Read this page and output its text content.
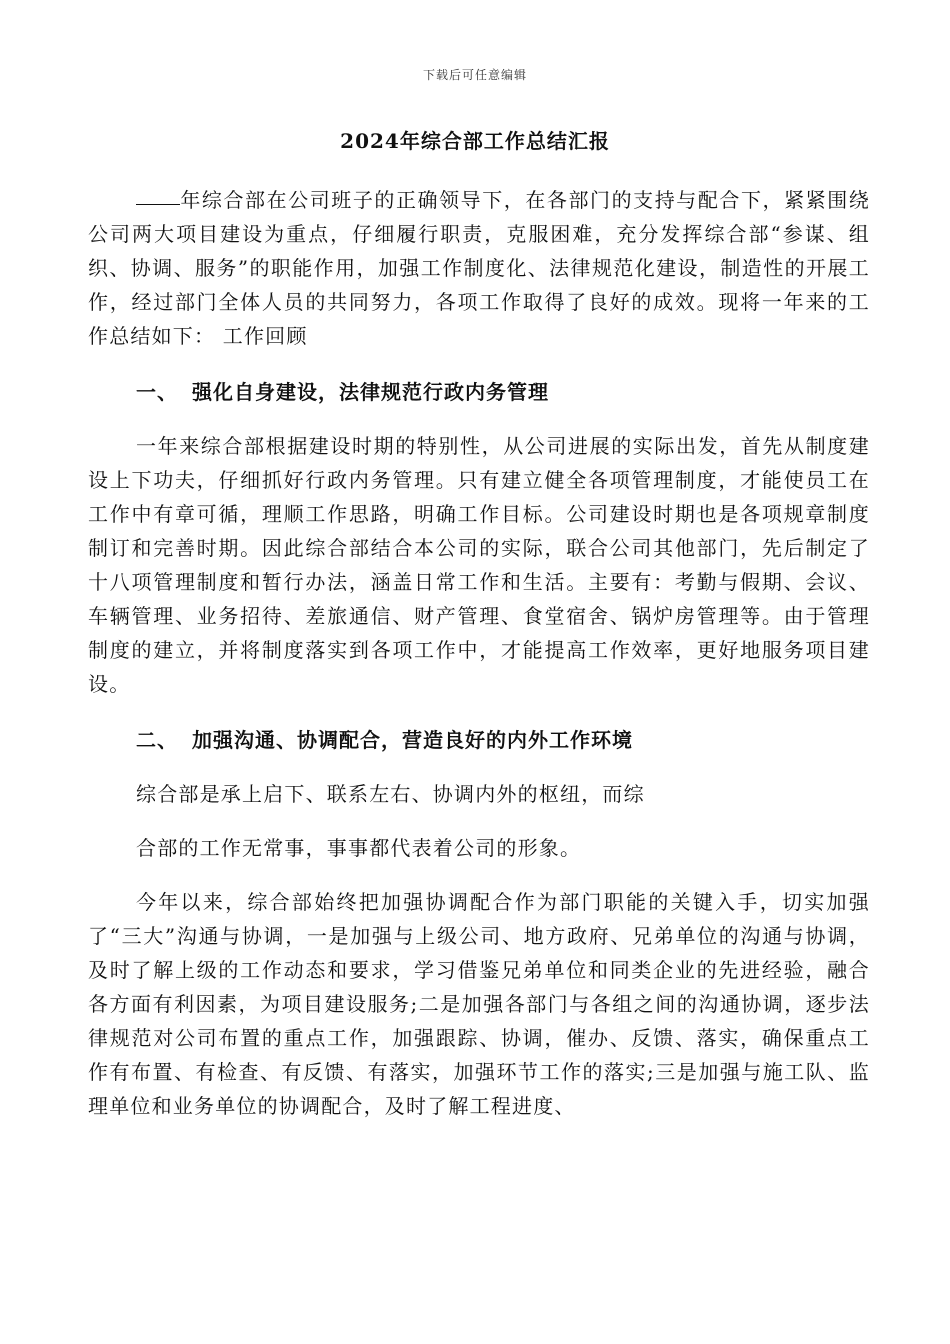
下载后可任意编辑
2024年综合部工作总结汇报

年综合部在公司班子的正确领导下，在各部门的支持与配合下，紧紧围绕公司两大项目建设为重点，仔细履行职责，克服困难，充分发挥综合部“参谋、组织、协调、服务”的职能作用，加强工作制度化、法律规范化建设，制造性的开展工作，经过部门全体人员的共同努力，各项工作取得了良好的成效。现将一年来的工作总结如下： 工作回顾

一、 强化自身建设，法律规范行政内务管理

一年来综合部根据建设时期的特别性，从公司进展的实际出发，首先从制度建设上下功夫，仔细抓好行政内务管理。只有建立健全各项管理制度，才能使员工在工作中有章可循，理顺工作思路，明确工作目标。公司建设时期也是各项规章制度制订和完善时期。因此综合部结合本公司的实际，联合公司其他部门，先后制定了十八项管理制度和暂行办法，涵盖日常工作和生活。主要有：考勤与假期、会议、车辆管理、业务招待、差旅通信、财产管理、食堂宿舍、锅炉房管理等。由于管理制度的建立，并将制度落实到各项工作中，才能提高工作效率，更好地服务项目建设。

二、 加强沟通、协调配合，营造良好的内外工作环境

综合部是承上启下、联系左右、协调内外的枢纽，而综

合部的工作无常事，事事都代表着公司的形象。

今年以来，综合部始终把加强协调配合作为部门职能的关键入手，切实加强了“三大”沟通与协调，一是加强与上级公司、地方政府、兄弟单位的沟通与协调，及时了解上级的工作动态和要求，学习借鉴兄弟单位和同类企业的先进经验，融合各方面有利因素，为项目建设服务;二是加强各部门与各组之间的沟通协调，逐步法律规范对公司布置的重点工作，加强跟踪、协调，催办、反馈、落实，确保重点工作有布置、有检查、有反馈、有落实，加强环节工作的落实;三是加强与施工队、监理单位和业务单位的协调配合，及时了解工程进度、
